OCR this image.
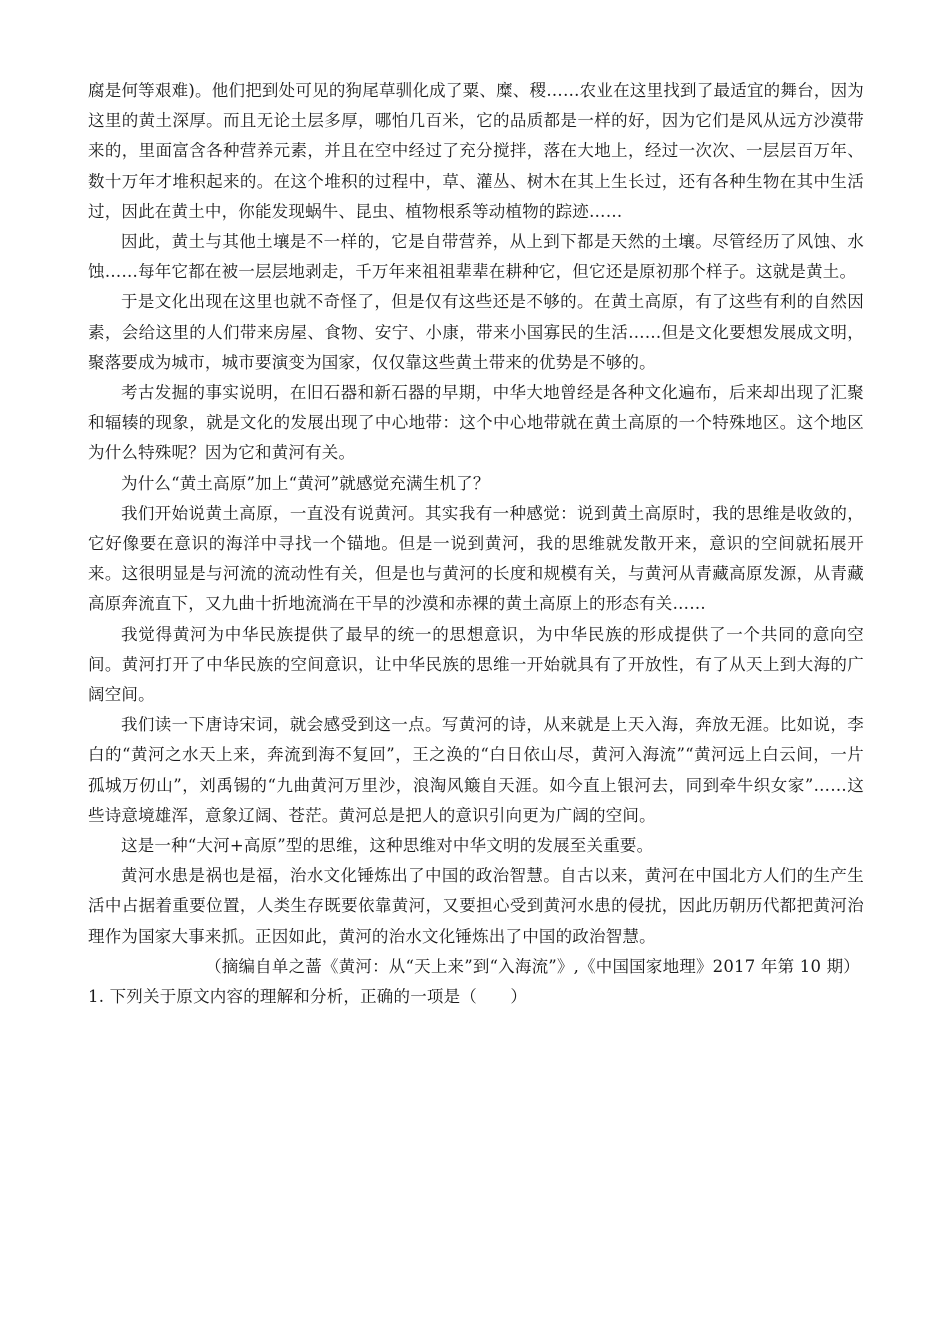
腐是何等艰难)。他们把到处可见的狗尾草驯化成了粟、糜、稷……农业在这里找到了最适宜的舞台，因为这里的黄土深厚。而且无论土层多厚，哪怕几百米，它的品质都是一样的好，因为它们是风从远方沙漠带来的，里面富含各种营养元素，并且在空中经过了充分搅拌，落在大地上，经过一次次、一层层百万年、数十万年才堆积起来的。在这个堆积的过程中，草、灌丛、树木在其上生长过，还有各种生物在其中生活过，因此在黄土中，你能发现蜗牛、昆虫、植物根系等动植物的踪迹……

因此，黄土与其他土壤是不一样的，它是自带营养，从上到下都是天然的土壤。尽管经历了风蚀、水蚀……每年它都在被一层层地剥走，千万年来祖祖辈辈在耕种它，但它还是原初那个样子。这就是黄土。

于是文化出现在这里也就不奇怪了，但是仅有这些还是不够的。在黄土高原，有了这些有利的自然因素，会给这里的人们带来房屋、食物、安宁、小康，带来小国寡民的生活……但是文化要想发展成文明，聚落要成为城市，城市要演变为国家，仅仅靠这些黄土带来的优势是不够的。

考古发掘的事实说明，在旧石器和新石器的早期，中华大地曾经是各种文化遍布，后来却出现了汇聚和辐辏的现象，就是文化的发展出现了中心地带：这个中心地带就在黄土高原的一个特殊地区。这个地区为什么特殊呢？因为它和黄河有关。

为什么“黄土高原”加上“黄河”就感觉充满生机了？

我们开始说黄土高原，一直没有说黄河。其实我有一种感觉：说到黄土高原时，我的思维是收敛的，它好像要在意识的海洋中寻找一个锚地。但是一说到黄河，我的思维就发散开来，意识的空间就拓展开来。这很明显是与河流的流动性有关，但是也与黄河的长度和规模有关，与黄河从青藏高原发源，从青藏高原奔流直下，又九曲十折地流淌在干旱的沙漠和赤裸的黄土高原上的形态有关……

我觉得黄河为中华民族提供了最早的统一的思想意识，为中华民族的形成提供了一个共同的意向空间。黄河打开了中华民族的空间意识，让中华民族的思维一开始就具有了开放性，有了从天上到大海的广阔空间。

我们读一下唐诗宋词，就会感受到这一点。写黄河的诗，从来就是上天入海，奔放无涯。比如说，李白的“黄河之水天上来，奔流到海不复回”，王之涣的“白日依山尽，黄河入海流”“黄河远上白云间，一片孤城万仞山”，刘禹锡的“九曲黄河万里沙，浪淘风簸自天涯。如今直上银河去，同到牵牛织女家”……这些诗意境雄浑，意象辽阔、苍茫。黄河总是把人的意识引向更为广阔的空间。

这是一种“大河+高原”型的思维，这种思维对中华文明的发展至关重要。

黄河水患是祸也是福，治水文化锤炼出了中国的政治智慧。自古以来，黄河在中国北方人们的生产生活中占据着重要位置，人类生存既要依靠黄河，又要担心受到黄河水患的侵扰，因此历朝历代都把黄河治理作为国家大事来抓。正因如此，黄河的治水文化锤炼出了中国的政治智慧。

（摘编自单之蔷《黄河：从“天上来”到“入海流”》,《中国国家地理》2017 年第 10 期）

1. 下列关于原文内容的理解和分析，正确的一项是（　　）
